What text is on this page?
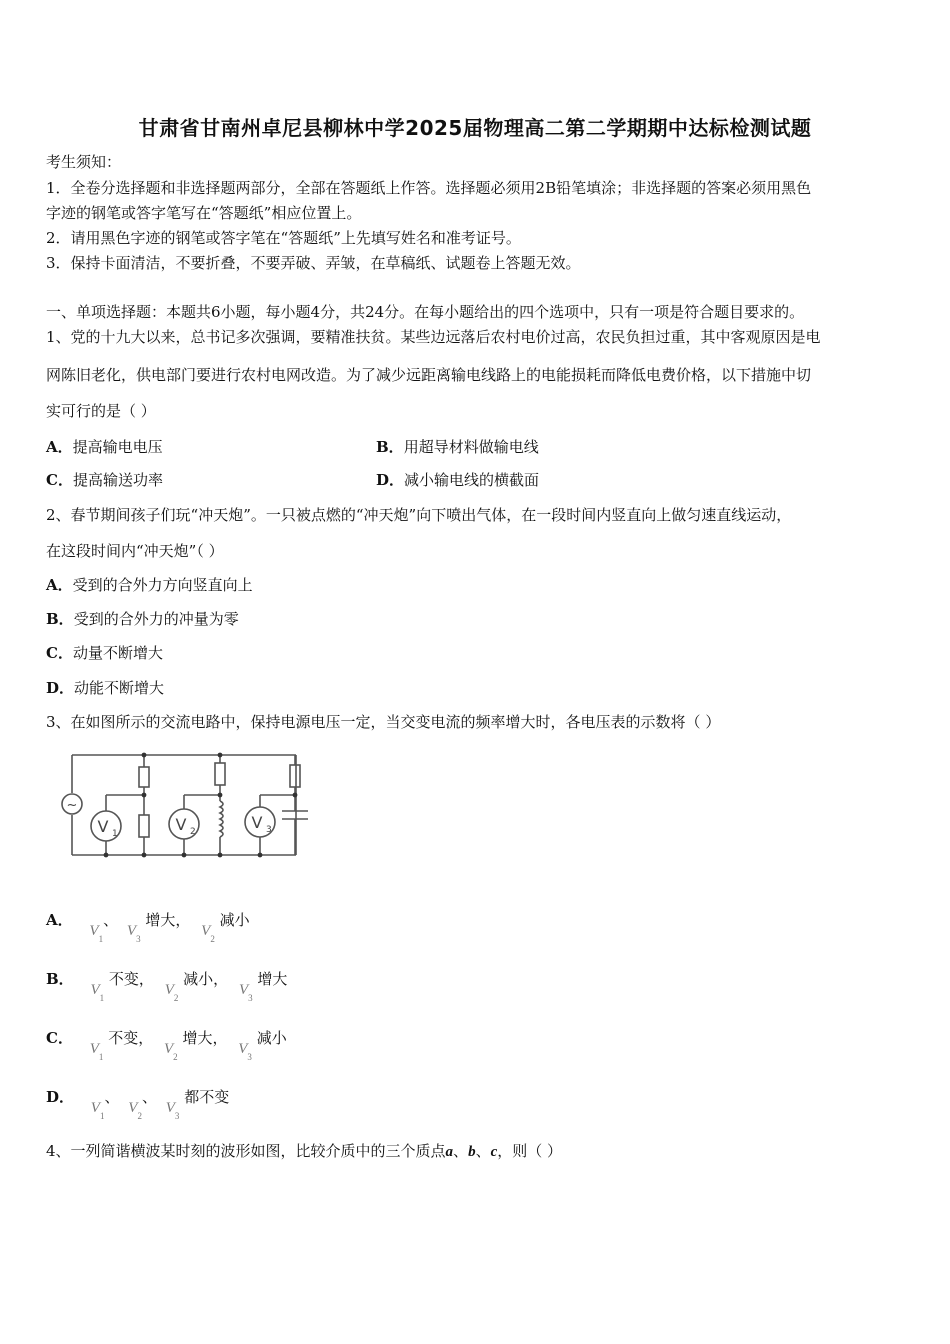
甘肃省甘南州卓尼县柳林中学2025届物理高二第二学期期中达标检测试题
考生须知：
1．全卷分选择题和非选择题两部分，全部在答题纸上作答。选择题必须用2B铅笔填涂；非选择题的答案必须用黑色
字迹的钢笔或答字笔写在“答题纸”相应位置上。
2．请用黑色字迹的钢笔或答字笔在“答题纸”上先填写姓名和准考证号。
3．保持卡面清洁，不要折叠，不要弄破、弄皱，在草稿纸、试题卷上答题无效。
一、单项选择题：本题共6小题，每小题4分，共24分。在每小题给出的四个选项中，只有一项是符合题目要求的。
1、党的十九大以来，总书记多次强调，要精准扶贫。某些边远落后农村电价过高，农民负担过重，其中客观原因是电
网陈旧老化，供电部门要进行农村电网改造。为了减少远距离输电线路上的电能损耗而降低电费价格，以下措施中切
实可行的是（ ）
A．提高输电电压	B．用超导材料做输电线
C．提高输送功率	D．减小输电线的横截面
2、春节期间孩子们玩“冲天炮”。一只被点燃的“冲天炮”向下喷出气体，在一段时间内竖直向上做匀速直线运动，
在这段时间内“冲天炮”（ ）
A．受到的合外力方向竖直向上
B．受到的合外力的冲量为零
C．动量不断增大
D．动能不断增大
3、在如图所示的交流电路中，保持电源电压一定，当交变电流的频率增大时，各电压表的示数将（ ）
~
V 1	V 2	V 3
A． $V_1$、 $V_3$ 增大， $V_2$ 减小
B． $V_1$ 不变， $V_2$ 减小， $V_3$ 增大
C． $V_1$ 不变， $V_2$ 增大， $V_3$ 减小
D． $V_1$、 $V_2$、 $V_3$ 都不变
4、一列简谐横波某时刻的波形如图，比较介质中的三个质点a、b、c，则（ ）
